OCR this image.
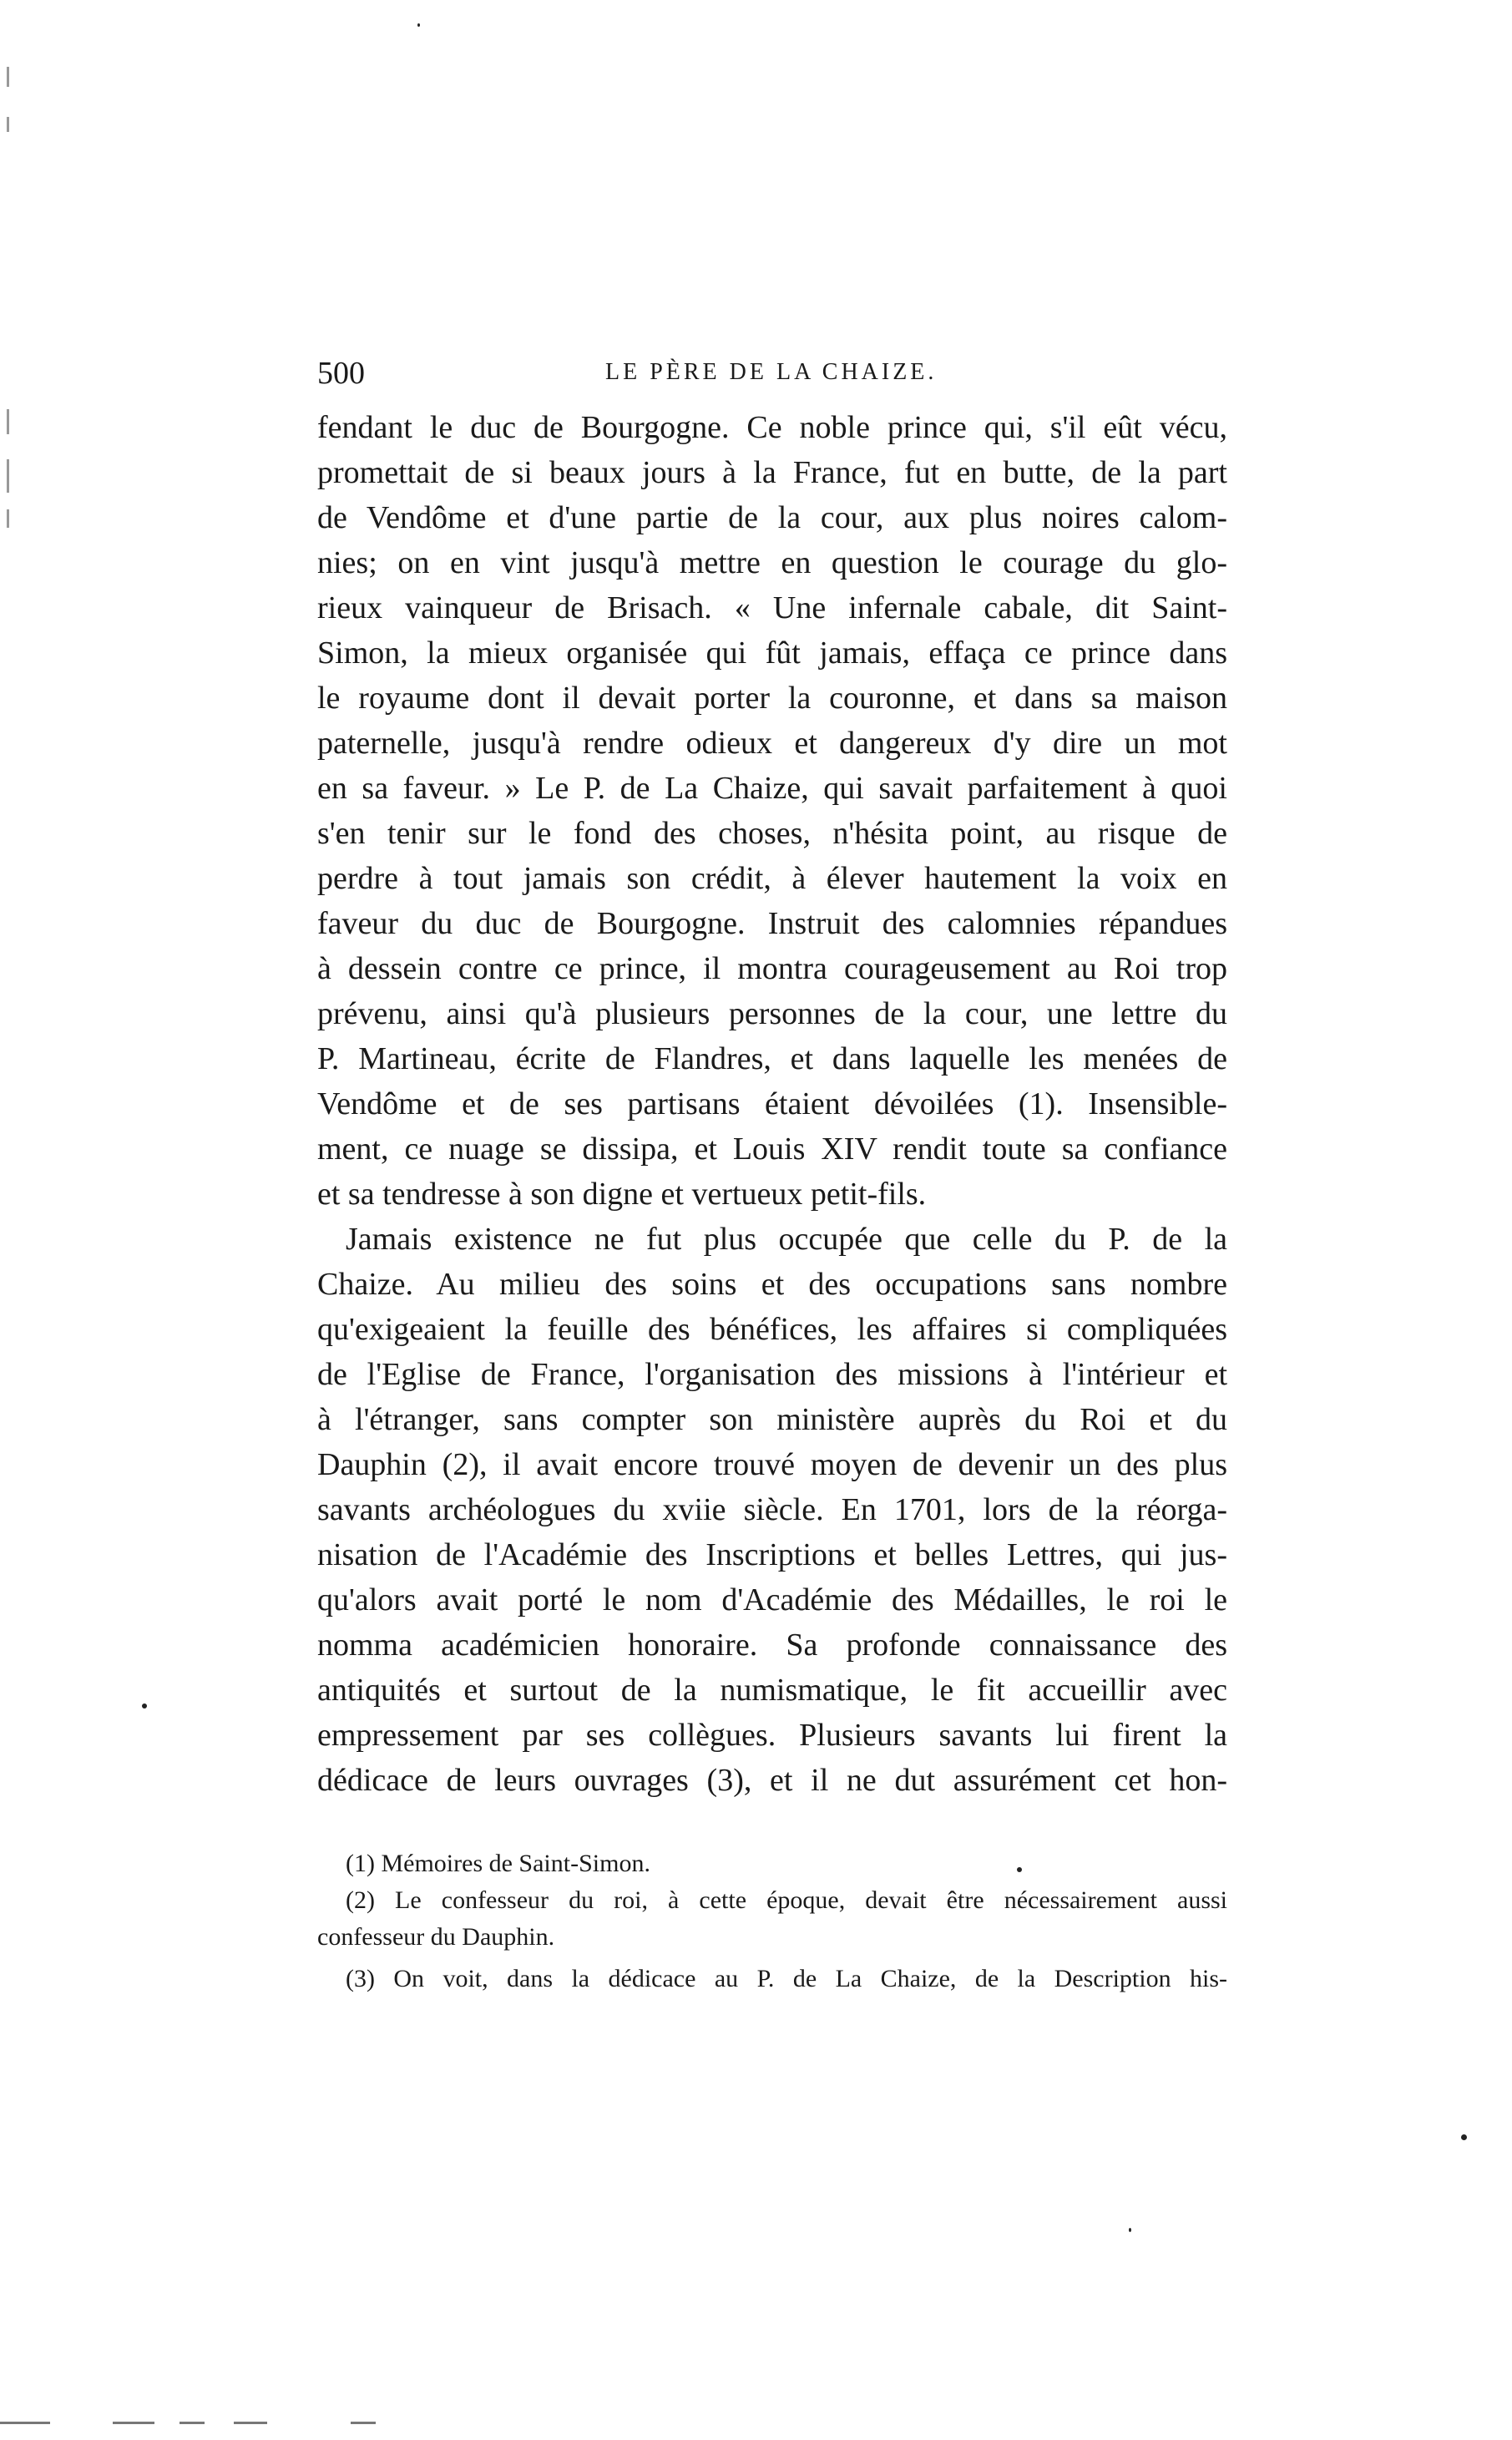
500	LE PÈRE DE LA CHAIZE.
fendant le duc de Bourgogne. Ce noble prince qui, s'il eût vécu,
promettait de si beaux jours à la France, fut en butte, de la part
de Vendôme et d'une partie de la cour, aux plus noires calom-
nies; on en vint jusqu'à mettre en question le courage du glo-
rieux vainqueur de Brisach. « Une infernale cabale, dit Saint-
Simon, la mieux organisée qui fût jamais, effaça ce prince dans
le royaume dont il devait porter la couronne, et dans sa maison
paternelle, jusqu'à rendre odieux et dangereux d'y dire un mot
en sa faveur. » Le P. de La Chaize, qui savait parfaitement à quoi
s'en tenir sur le fond des choses, n'hésita point, au risque de
perdre à tout jamais son crédit, à élever hautement la voix en
faveur du duc de Bourgogne. Instruit des calomnies répandues
à dessein contre ce prince, il montra courageusement au Roi trop
prévenu, ainsi qu'à plusieurs personnes de la cour, une lettre du
P. Martineau, écrite de Flandres, et dans laquelle les menées de
Vendôme et de ses partisans étaient dévoilées (1). Insensible-
ment, ce nuage se dissipa, et Louis XIV rendit toute sa confiance
et sa tendresse à son digne et vertueux petit-fils.
Jamais existence ne fut plus occupée que celle du P. de la
Chaize. Au milieu des soins et des occupations sans nombre
qu'exigeaient la feuille des bénéfices, les affaires si compliquées
de l'Eglise de France, l'organisation des missions à l'intérieur et
à l'étranger, sans compter son ministère auprès du Roi et du
Dauphin (2), il avait encore trouvé moyen de devenir un des plus
savants archéologues du xviie siècle. En 1701, lors de la réorga-
nisation de l'Académie des Inscriptions et belles Lettres, qui jus-
qu'alors avait porté le nom d'Académie des Médailles, le roi le
nomma académicien honoraire. Sa profonde connaissance des
antiquités et surtout de la numismatique, le fit accueillir avec
empressement par ses collègues. Plusieurs savants lui firent la
dédicace de leurs ouvrages (3), et il ne dut assurément cet hon-
(1) Mémoires de Saint-Simon.
(2) Le confesseur du roi, à cette époque, devait être nécessairement aussi
confesseur du Dauphin.
(3) On voit, dans la dédicace au P. de La Chaize, de la Description his-
